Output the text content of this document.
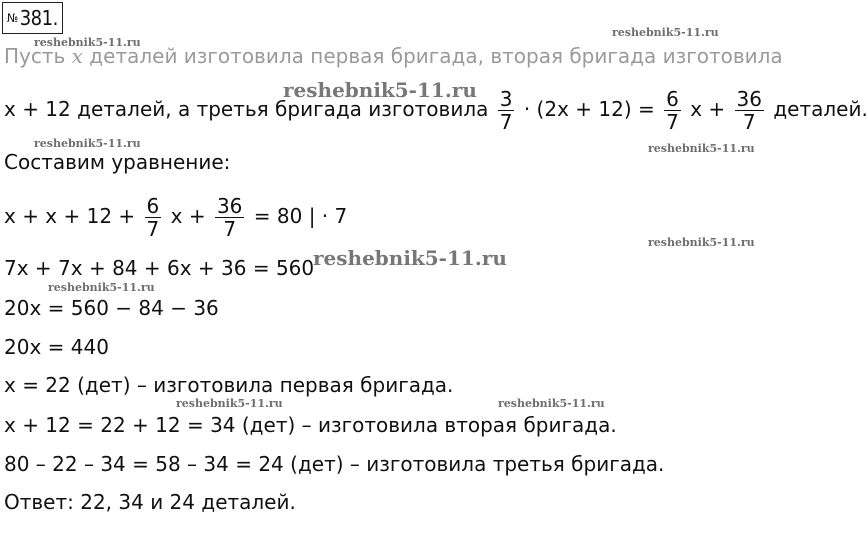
№ 381.
reshebnik5-11.ru
reshebnik5-11.ru
reshebnik5-11.ru
reshebnik5-11.ru	reshebnik5-11.ru
reshebnik5-11.ru
reshebnik5-11.ru
reshebnik5-11.ru
reshebnik5-11.ru	reshebnik5-11.ru
Пусть x деталей изготовила первая бригада, вторая бригада изготовила
x + 12 деталей, а третья бригада изготовила $\frac{3}{7} \cdot (2x + 12) = \frac{6}{7}$ $x + \frac{36}{7}$ деталей.
Составим уравнение:
$x + x + 12 + \frac{6}{7}$ $x + \frac{36}{7} = 80$ | · 7
7x + 7x + 84 + 6x + 36 = 560
20x = 560 − 84 − 36
20x = 440
x = 22 (дет) – изготовила первая бригада.
x + 12 = 22 + 12 = 34 (дет) – изготовила вторая бригада.
80 – 22 – 34 = 58 – 34 = 24 (дет) – изготовила третья бригада.
Ответ: 22, 34 и 24 деталей.
